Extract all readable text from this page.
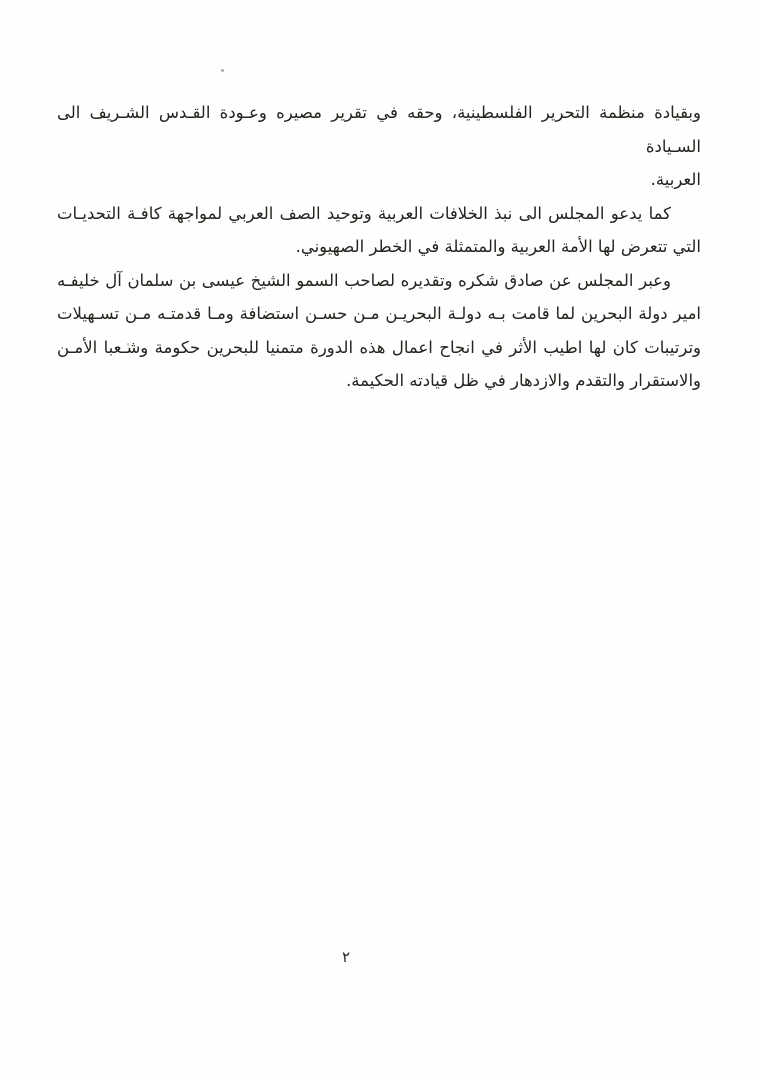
وبقيادة منظمة التحرير الفلسطينية، وحقه في تقرير مصيره وعـودة القـدس الشـريف الى السـيادة
العربية.

كما يدعو المجلس الى نبذ الخلافات العربية وتوحيد الصف العربي لمواجهة كافـة التحديـات
التي تتعرض لها الأمة العربية والمتمثلة في الخطر الصهيوني.

وعبر المجلس عن صادق شكره وتقديره لصاحب السمو الشيخ عيسى بن سلمان آل خليفـه
امير دولة البحرين لما قامت بـه دولـة البحريـن مـن حسـن استضافة ومـا قدمتـه مـن تسـهيلات
وترتيبات كان لها اطيب الأثر في انجاح اعمال هذه الدورة متمنيا للبحرين حكومة وشـعبا الأمـن
والاستقرار والتقدم والازدهار في ظل قيادته الحكيمة.

٢
